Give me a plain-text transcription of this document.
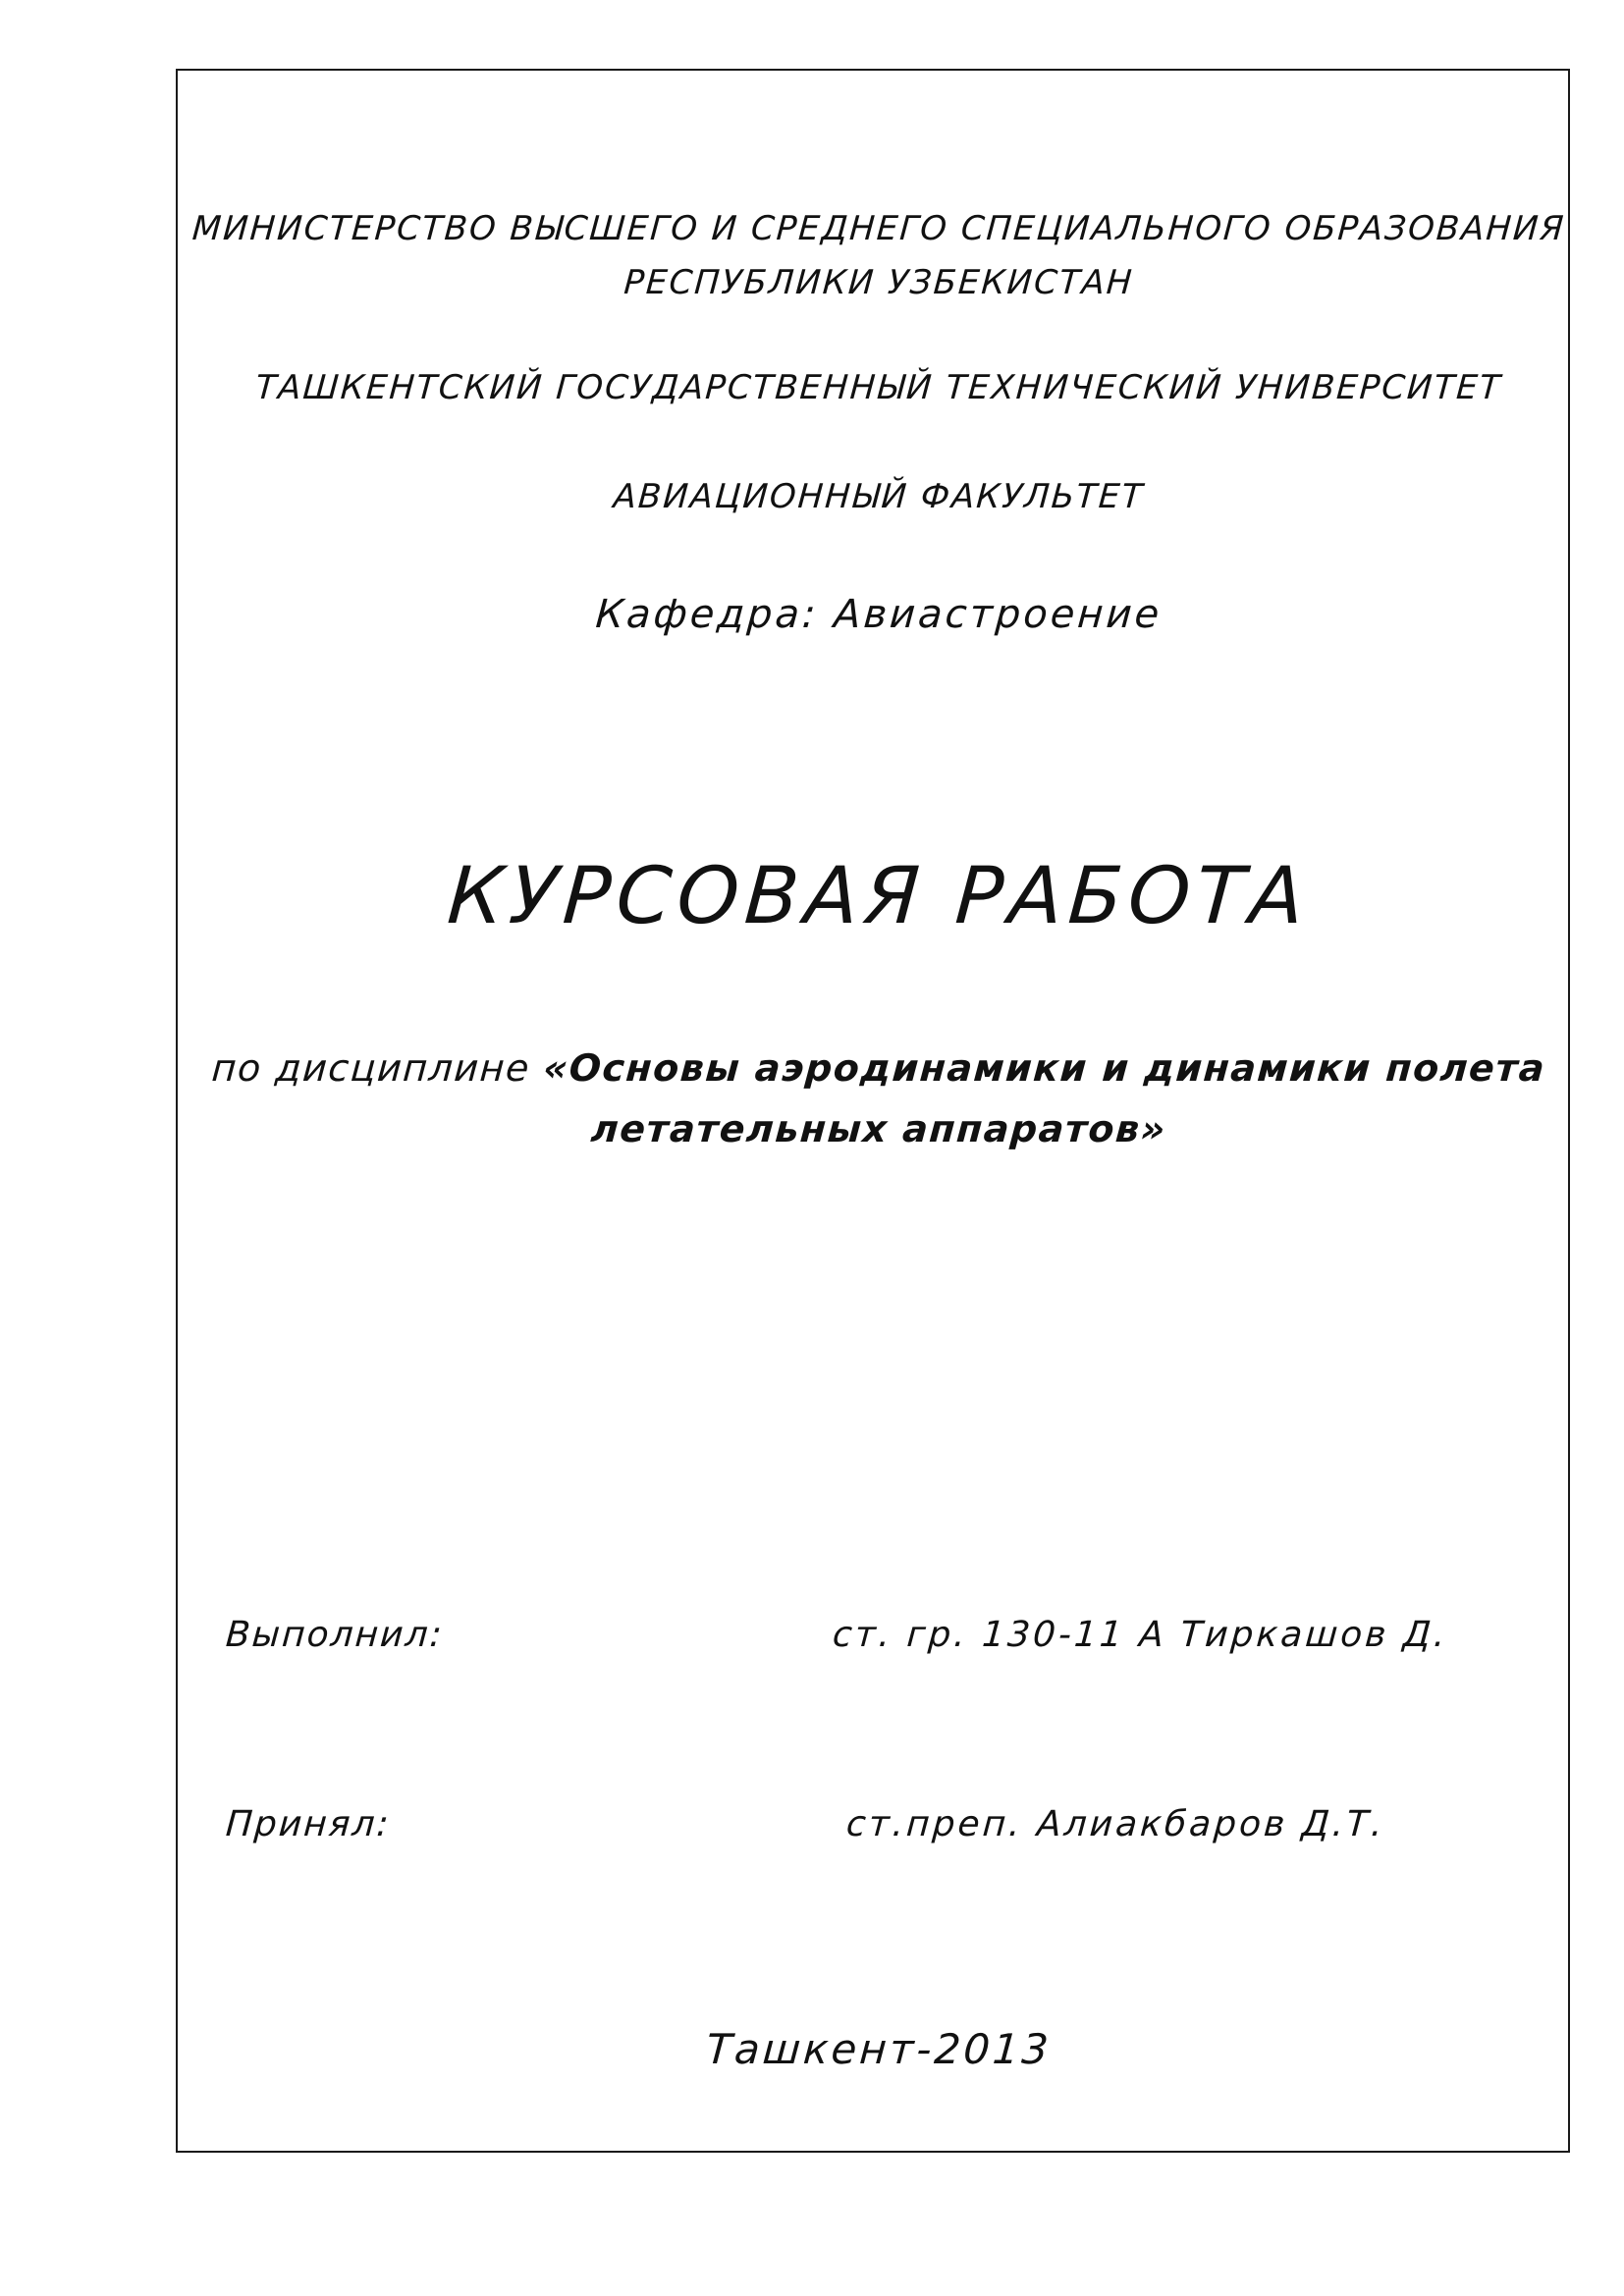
МИНИСТЕРСТВО ВЫСШЕГО И СРЕДНЕГО СПЕЦИАЛЬНОГО ОБРАЗОВАНИЯ
РЕСПУБЛИКИ УЗБЕКИСТАН
ТАШКЕНТСКИЙ ГОСУДАРСТВЕННЫЙ ТЕХНИЧЕСКИЙ УНИВЕРСИТЕТ
АВИАЦИОННЫЙ ФАКУЛЬТЕТ
Кафедра: Авиастроение
КУРСОВАЯ РАБОТА
по дисциплине «Основы аэродинамики и динамики полета
летательных аппаратов»
Выполнил:	ст. гр. 130-11 А Тиркашов Д.
Принял:	ст.преп. Алиакбаров Д.Т.
Ташкент-2013
